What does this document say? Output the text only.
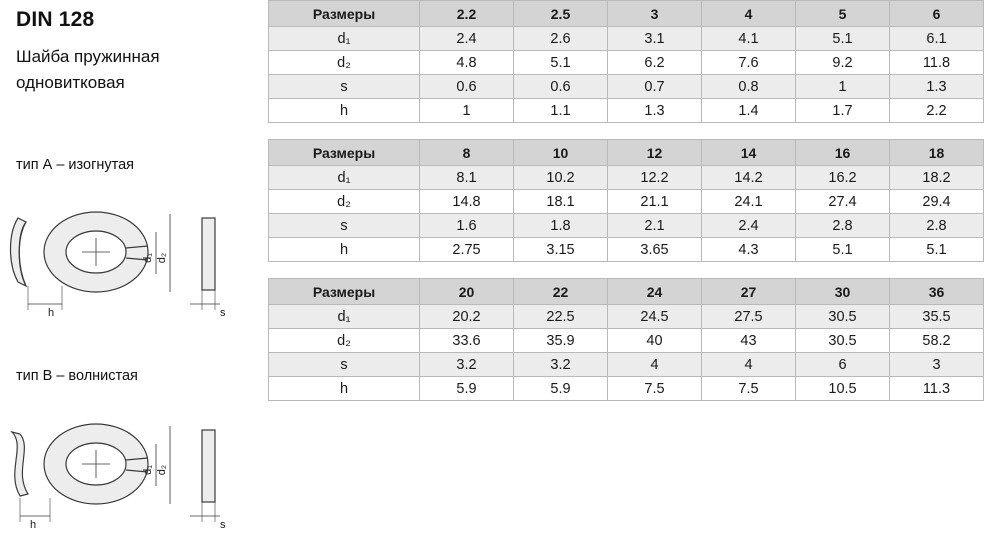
DIN 128
Шайба пружинная одновитковая
тип А – изогнутая
d₁ d₂
h	s
тип В – волнистая
d₁ d₂
h	s
Размеры	2.2	2.5	3	4	5	6
d₁	2.4	2.6	3.1	4.1	5.1	6.1
d₂	4.8	5.1	6.2	7.6	9.2	11.8
s	0.6	0.6	0.7	0.8	1	1.3
h	1	1.1	1.3	1.4	1.7	2.2
Размеры	8	10	12	14	16	18
d₁	8.1	10.2	12.2	14.2	16.2	18.2
d₂	14.8	18.1	21.1	24.1	27.4	29.4
s	1.6	1.8	2.1	2.4	2.8	2.8
h	2.75	3.15	3.65	4.3	5.1	5.1
Размеры	20	22	24	27	30	36
d₁	20.2	22.5	24.5	27.5	30.5	35.5
d₂	33.6	35.9	40	43	30.5	58.2
s	3.2	3.2	4	4	6	3
h	5.9	5.9	7.5	7.5	10.5	11.3
